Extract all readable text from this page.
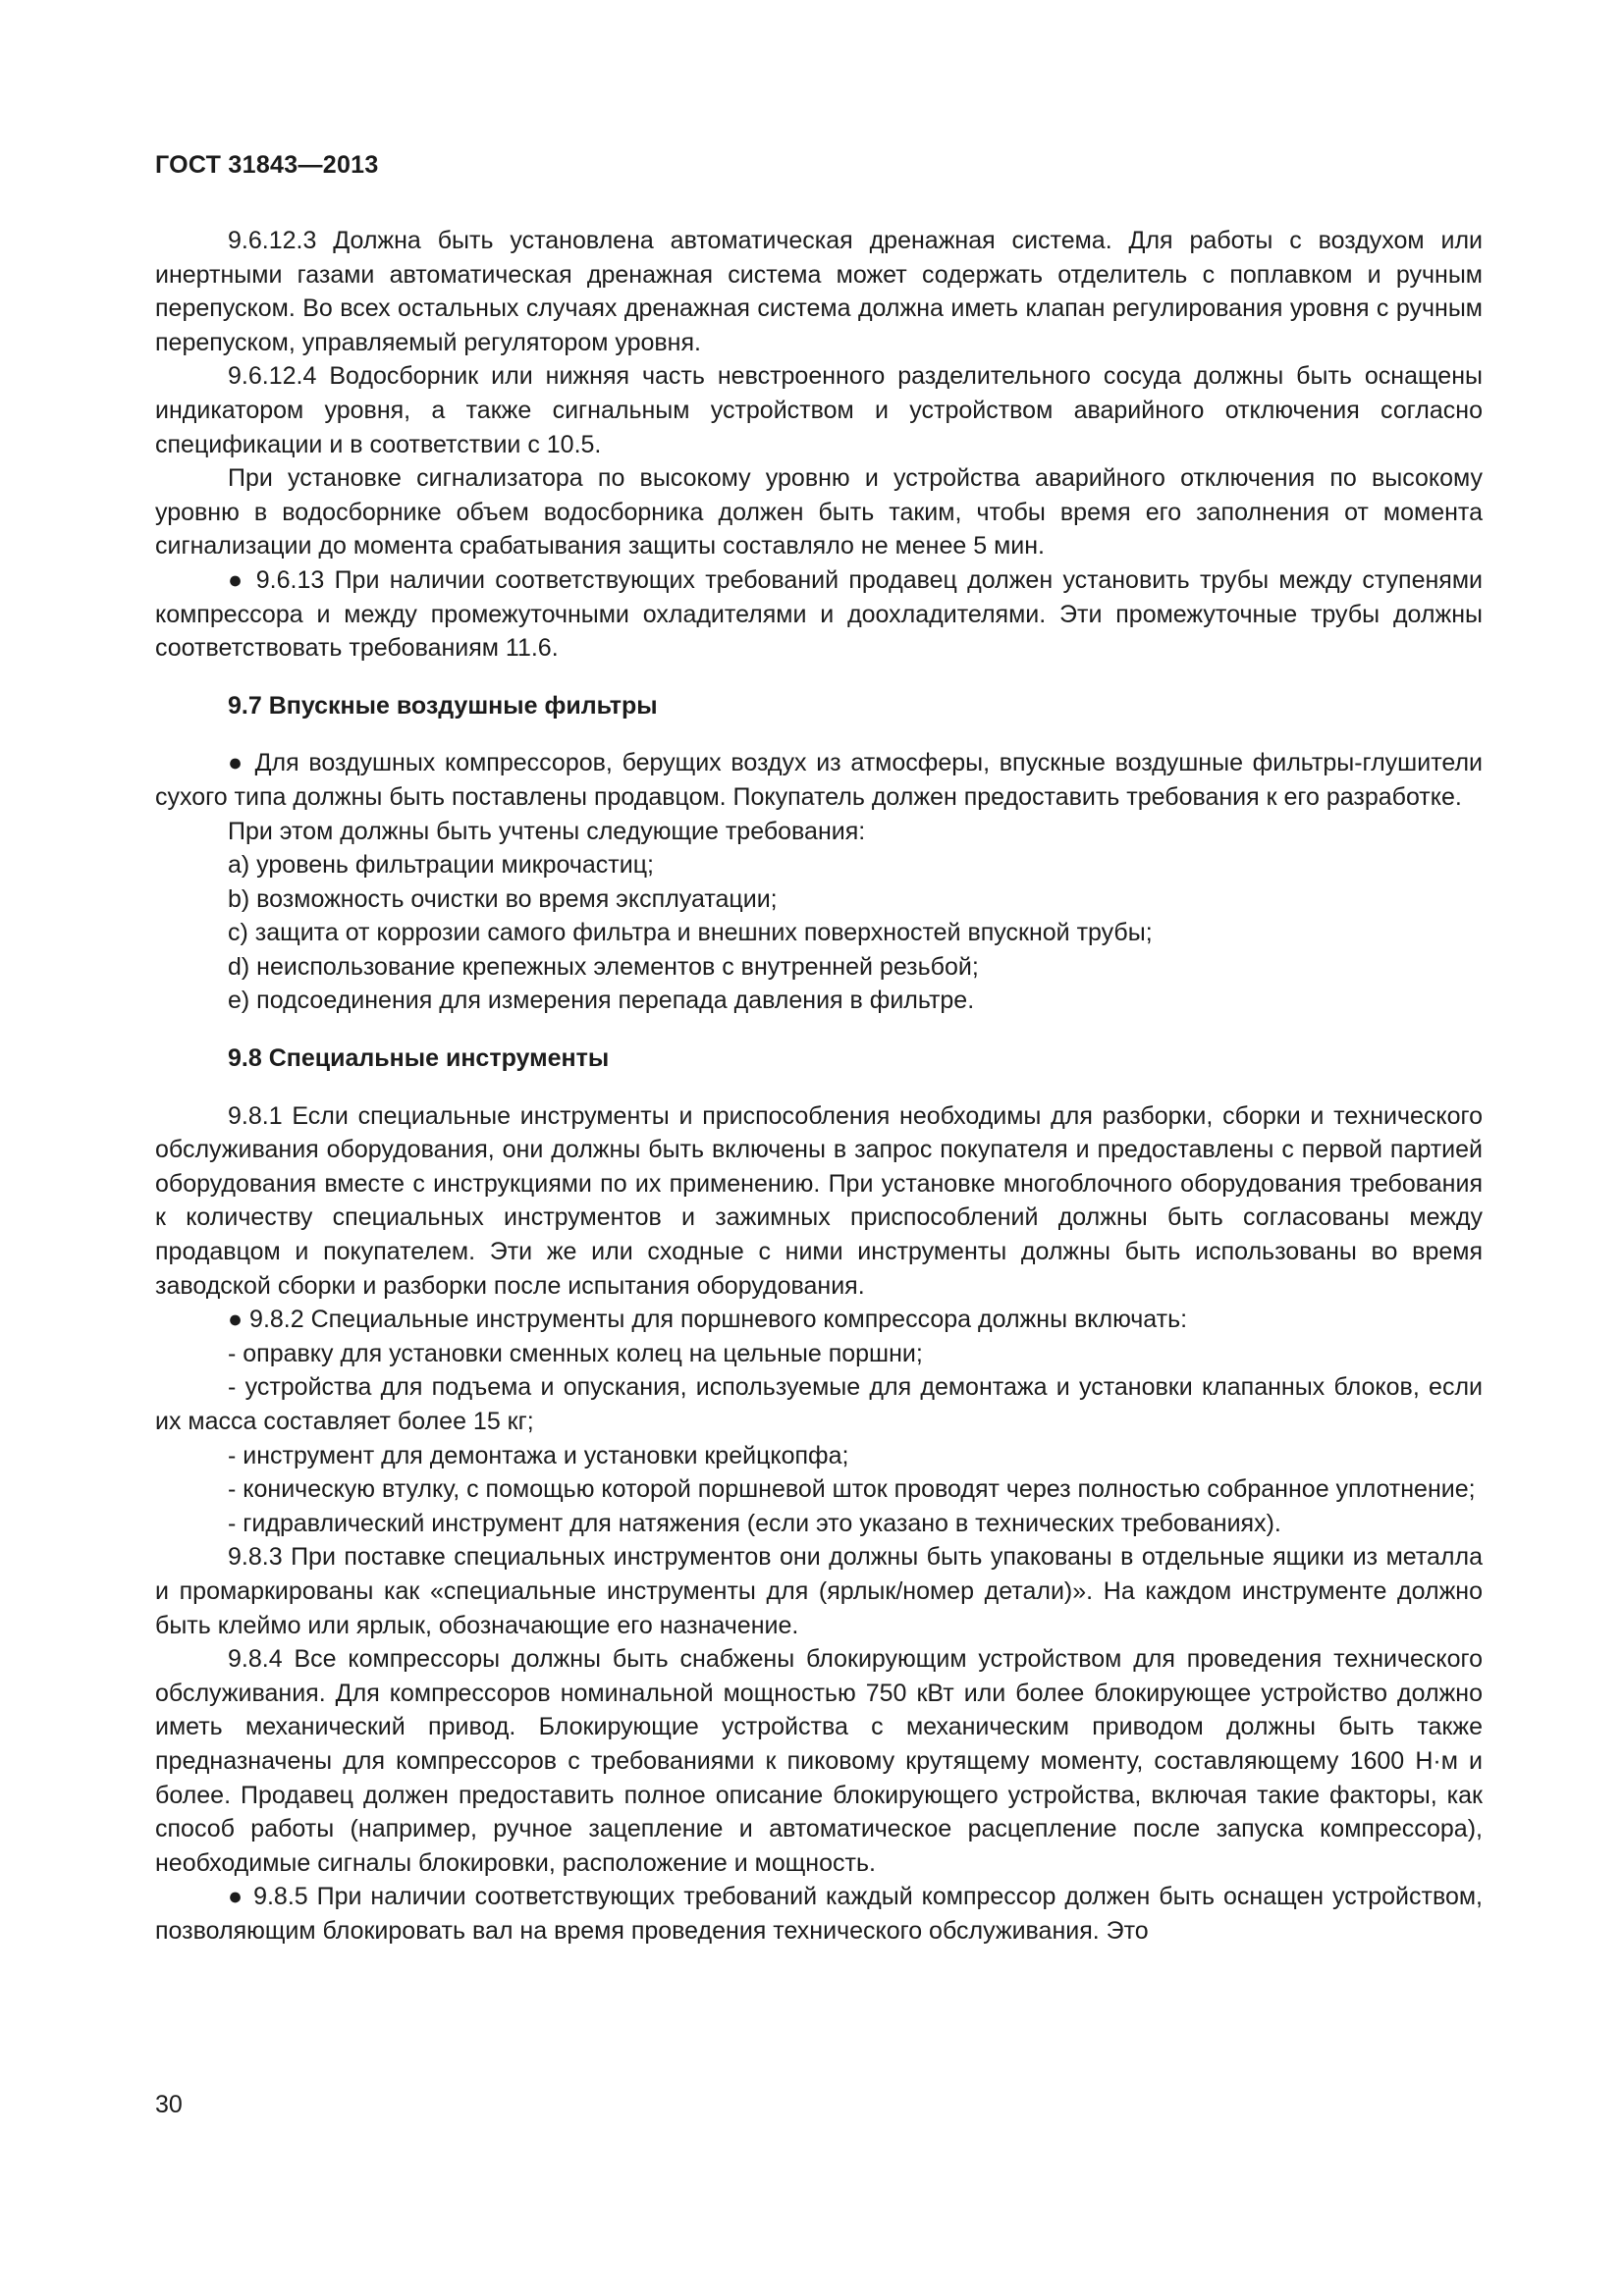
ГОСТ 31843—2013

9.6.12.3 Должна быть установлена автоматическая дренажная система. Для работы с воздухом или инертными газами автоматическая дренажная система может содержать отделитель с поплавком и ручным перепуском. Во всех остальных случаях дренажная система должна иметь клапан регулирования уровня с ручным перепуском, управляемый регулятором уровня.

9.6.12.4 Водосборник или нижняя часть невстроенного разделительного сосуда должны быть оснащены индикатором уровня, а также сигнальным устройством и устройством аварийного отключения согласно спецификации и в соответствии с 10.5.

При установке сигнализатора по высокому уровню и устройства аварийного отключения по высокому уровню в водосборнике объем водосборника должен быть таким, чтобы время его заполнения от момента сигнализации до момента срабатывания защиты составляло не менее 5 мин.

● 9.6.13 При наличии соответствующих требований продавец должен установить трубы между ступенями компрессора и между промежуточными охладителями и доохладителями. Эти промежуточные трубы должны соответствовать требованиям 11.6.

9.7 Впускные воздушные фильтры

● Для воздушных компрессоров, берущих воздух из атмосферы, впускные воздушные фильтры-глушители сухого типа должны быть поставлены продавцом. Покупатель должен предоставить требования к его разработке.

При этом должны быть учтены следующие требования:

a) уровень фильтрации микрочастиц;

b) возможность очистки во время эксплуатации;

c) защита от коррозии самого фильтра и внешних поверхностей впускной трубы;

d) неиспользование крепежных элементов с внутренней резьбой;

e) подсоединения для измерения перепада давления в фильтре.

9.8 Специальные инструменты

9.8.1 Если специальные инструменты и приспособления необходимы для разборки, сборки и технического обслуживания оборудования, они должны быть включены в запрос покупателя и предоставлены с первой партией оборудования вместе с инструкциями по их применению. При установке многоблочного оборудования требования к количеству специальных инструментов и зажимных приспособлений должны быть согласованы между продавцом и покупателем. Эти же или сходные с ними инструменты должны быть использованы во время заводской сборки и разборки после испытания оборудования.

● 9.8.2 Специальные инструменты для поршневого компрессора должны включать:

- оправку для установки сменных колец на цельные поршни;

- устройства для подъема и опускания, используемые для демонтажа и установки клапанных блоков, если их масса составляет более 15 кг;

- инструмент для демонтажа и установки крейцкопфа;

- коническую втулку, с помощью которой поршневой шток проводят через полностью собранное уплотнение;

- гидравлический инструмент для натяжения (если это указано в технических требованиях).

9.8.3 При поставке специальных инструментов они должны быть упакованы в отдельные ящики из металла и промаркированы как «специальные инструменты для (ярлык/номер детали)». На каждом инструменте должно быть клеймо или ярлык, обозначающие его назначение.

9.8.4 Все компрессоры должны быть снабжены блокирующим устройством для проведения технического обслуживания. Для компрессоров номинальной мощностью 750 кВт или более блокирующее устройство должно иметь механический привод. Блокирующие устройства с механическим приводом должны быть также предназначены для компрессоров с требованиями к пиковому крутящему моменту, составляющему 1600 Н·м и более. Продавец должен предоставить полное описание блокирующего устройства, включая такие факторы, как способ работы (например, ручное зацепление и автоматическое расцепление после запуска компрессора), необходимые сигналы блокировки, расположение и мощность.

● 9.8.5 При наличии соответствующих требований каждый компрессор должен быть оснащен устройством, позволяющим блокировать вал на время проведения технического обслуживания. Это

30
